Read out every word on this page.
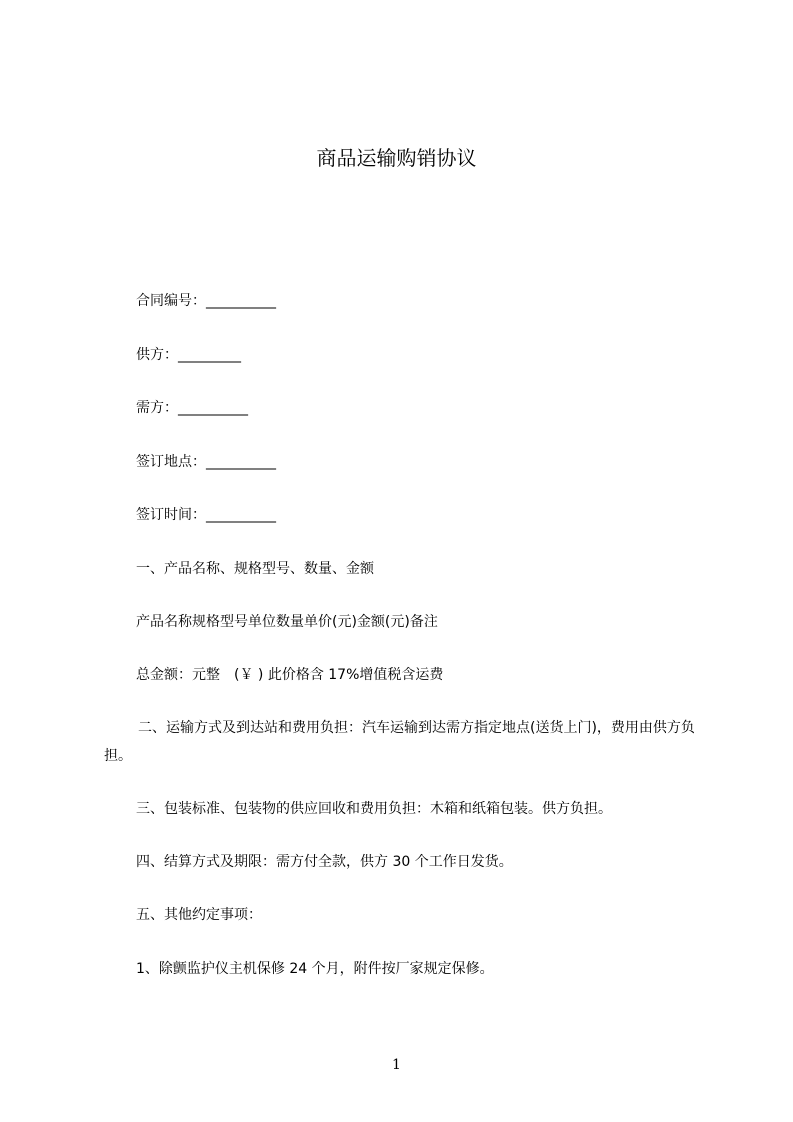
商品运输购销协议
合同编号：__________
供方：_________
需方：__________
签订地点：__________
签订时间：__________
一、产品名称、规格型号、数量、金额
产品名称规格型号单位数量单价(元)金额(元)备注
总金额：元整　(￥ ) 此价格含 17%增值税含运费
二、运输方式及到达站和费用负担：汽车运输到达需方指定地点(送货上门)，费用由供方负担。
三、包装标准、包装物的供应回收和费用负担：木箱和纸箱包装。供方负担。
四、结算方式及期限：需方付全款，供方 30 个工作日发货。
五、其他约定事项：
1、除颤监护仪主机保修 24 个月，附件按厂家规定保修。
1
